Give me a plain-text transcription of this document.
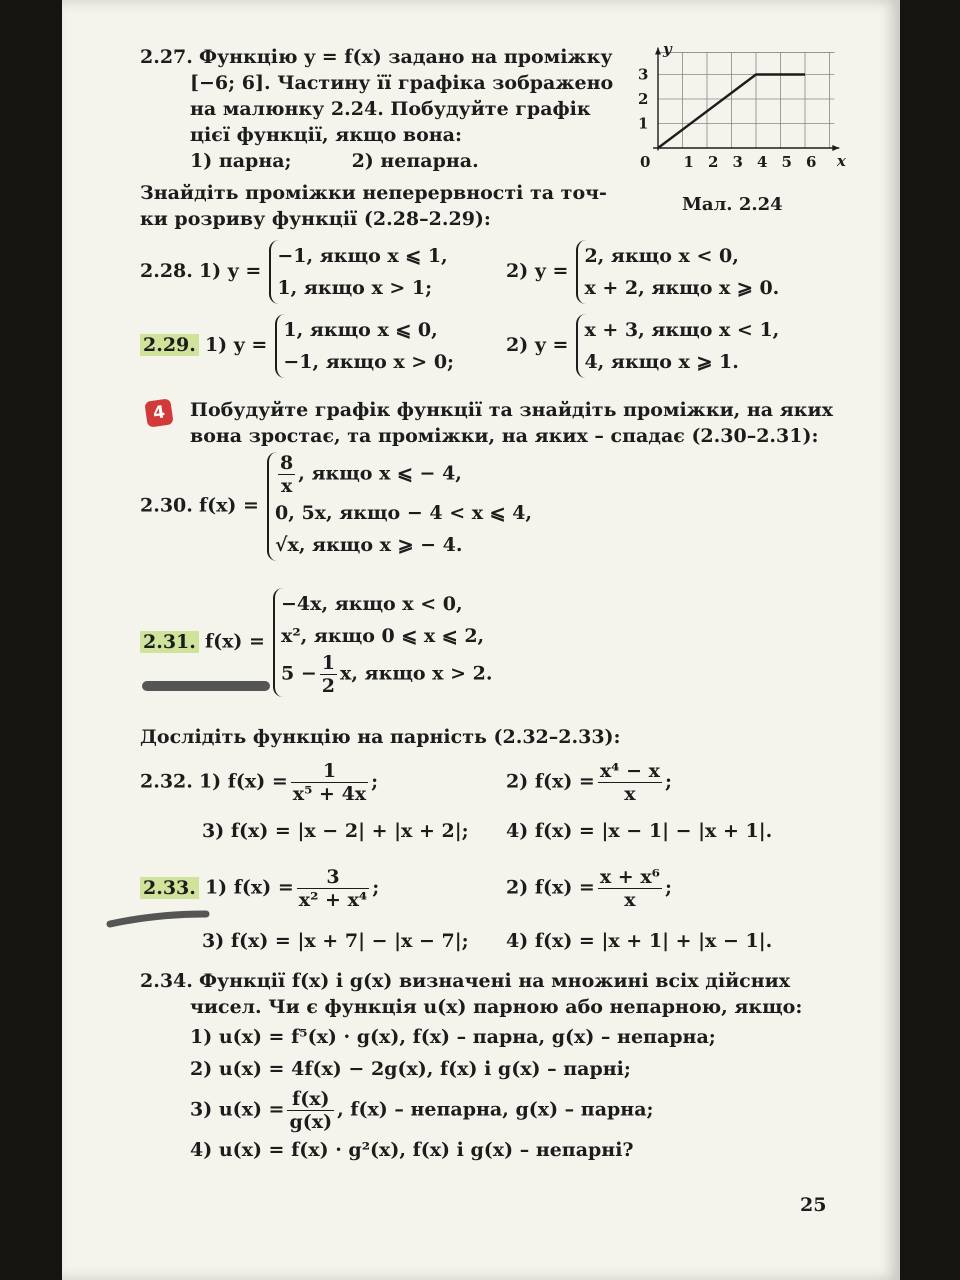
2.27. Функцію y = f(x) задано на проміжку
[−6; 6]. Частину її графіка зображено
на малюнку 2.24. Побудуйте графік
цієї функції, якщо вона:
1) парна;	2) непарна.	0 1 2 3 4 5 6
1
2
3
x
y
Мал. 2.24
Знайдіть проміжки неперервності та точ-
ки розриву функції (2.28–2.29):
2.28. 1) y =
−1, якщо x ⩽ 1,
1, якщо x > 1;
2) y =
2, якщо x < 0,
x + 2, якщо x ⩾ 0.
2.29. 1) y =
1, якщо x ⩽ 0,
−1, якщо x > 0;
2) y =
x + 3, якщо x < 1,
4, якщо x ⩾ 1.
4	Побудуйте графік функції та знайдіть проміжки, на яких
вона зростає, та проміжки, на яких – спадає (2.30–2.31):
2.30. f(x) =
$\frac{8}{x}$ , якщо x ⩽ − 4,
0, 5x, якщо − 4 < x ⩽ 4,
√x, якщо x ⩾ − 4.
2.31. f(x) =
−4x, якщо x < 0,
x², якщо 0 ⩽ x ⩽ 2,
$5 - \frac{1}{2} x$, якщо x > 2.
Дослідіть функцію на парність (2.32–2.33):
2.32. 1) $f(x) = \frac{1}{\text{x⁵ + 4x}}$ ;	2) $f(x) = \frac{\text{x⁴ − x}}{x}$ ;
3) f(x) = |x − 2| + |x + 2|; 4) f(x) = |x − 1| − |x + 1|.
2.33. 1) $f(x) = \frac{3}{\text{x² + x⁴}}$ ;	2) $f(x) = \frac{\text{x + x⁶}}{x}$ ;
3) f(x) = |x + 7| − |x − 7|; 4) f(x) = |x + 1| + |x − 1|.
2.34. Функції f(x) і g(x) визначені на множині всіх дійсних
чисел. Чи є функція u(x) парною або непарною, якщо:
1) u(x) = f⁵(x) · g(x), f(x) – парна, g(x) – непарна;
2) u(x) = 4f(x) − 2g(x), f(x) і g(x) – парні;
3) $u(x) = \frac{f(x)}{g(x)}$ , f(x) – непарна, g(x) – парна;
4) u(x) = f(x) · g²(x), f(x) і g(x) – непарні?
25
